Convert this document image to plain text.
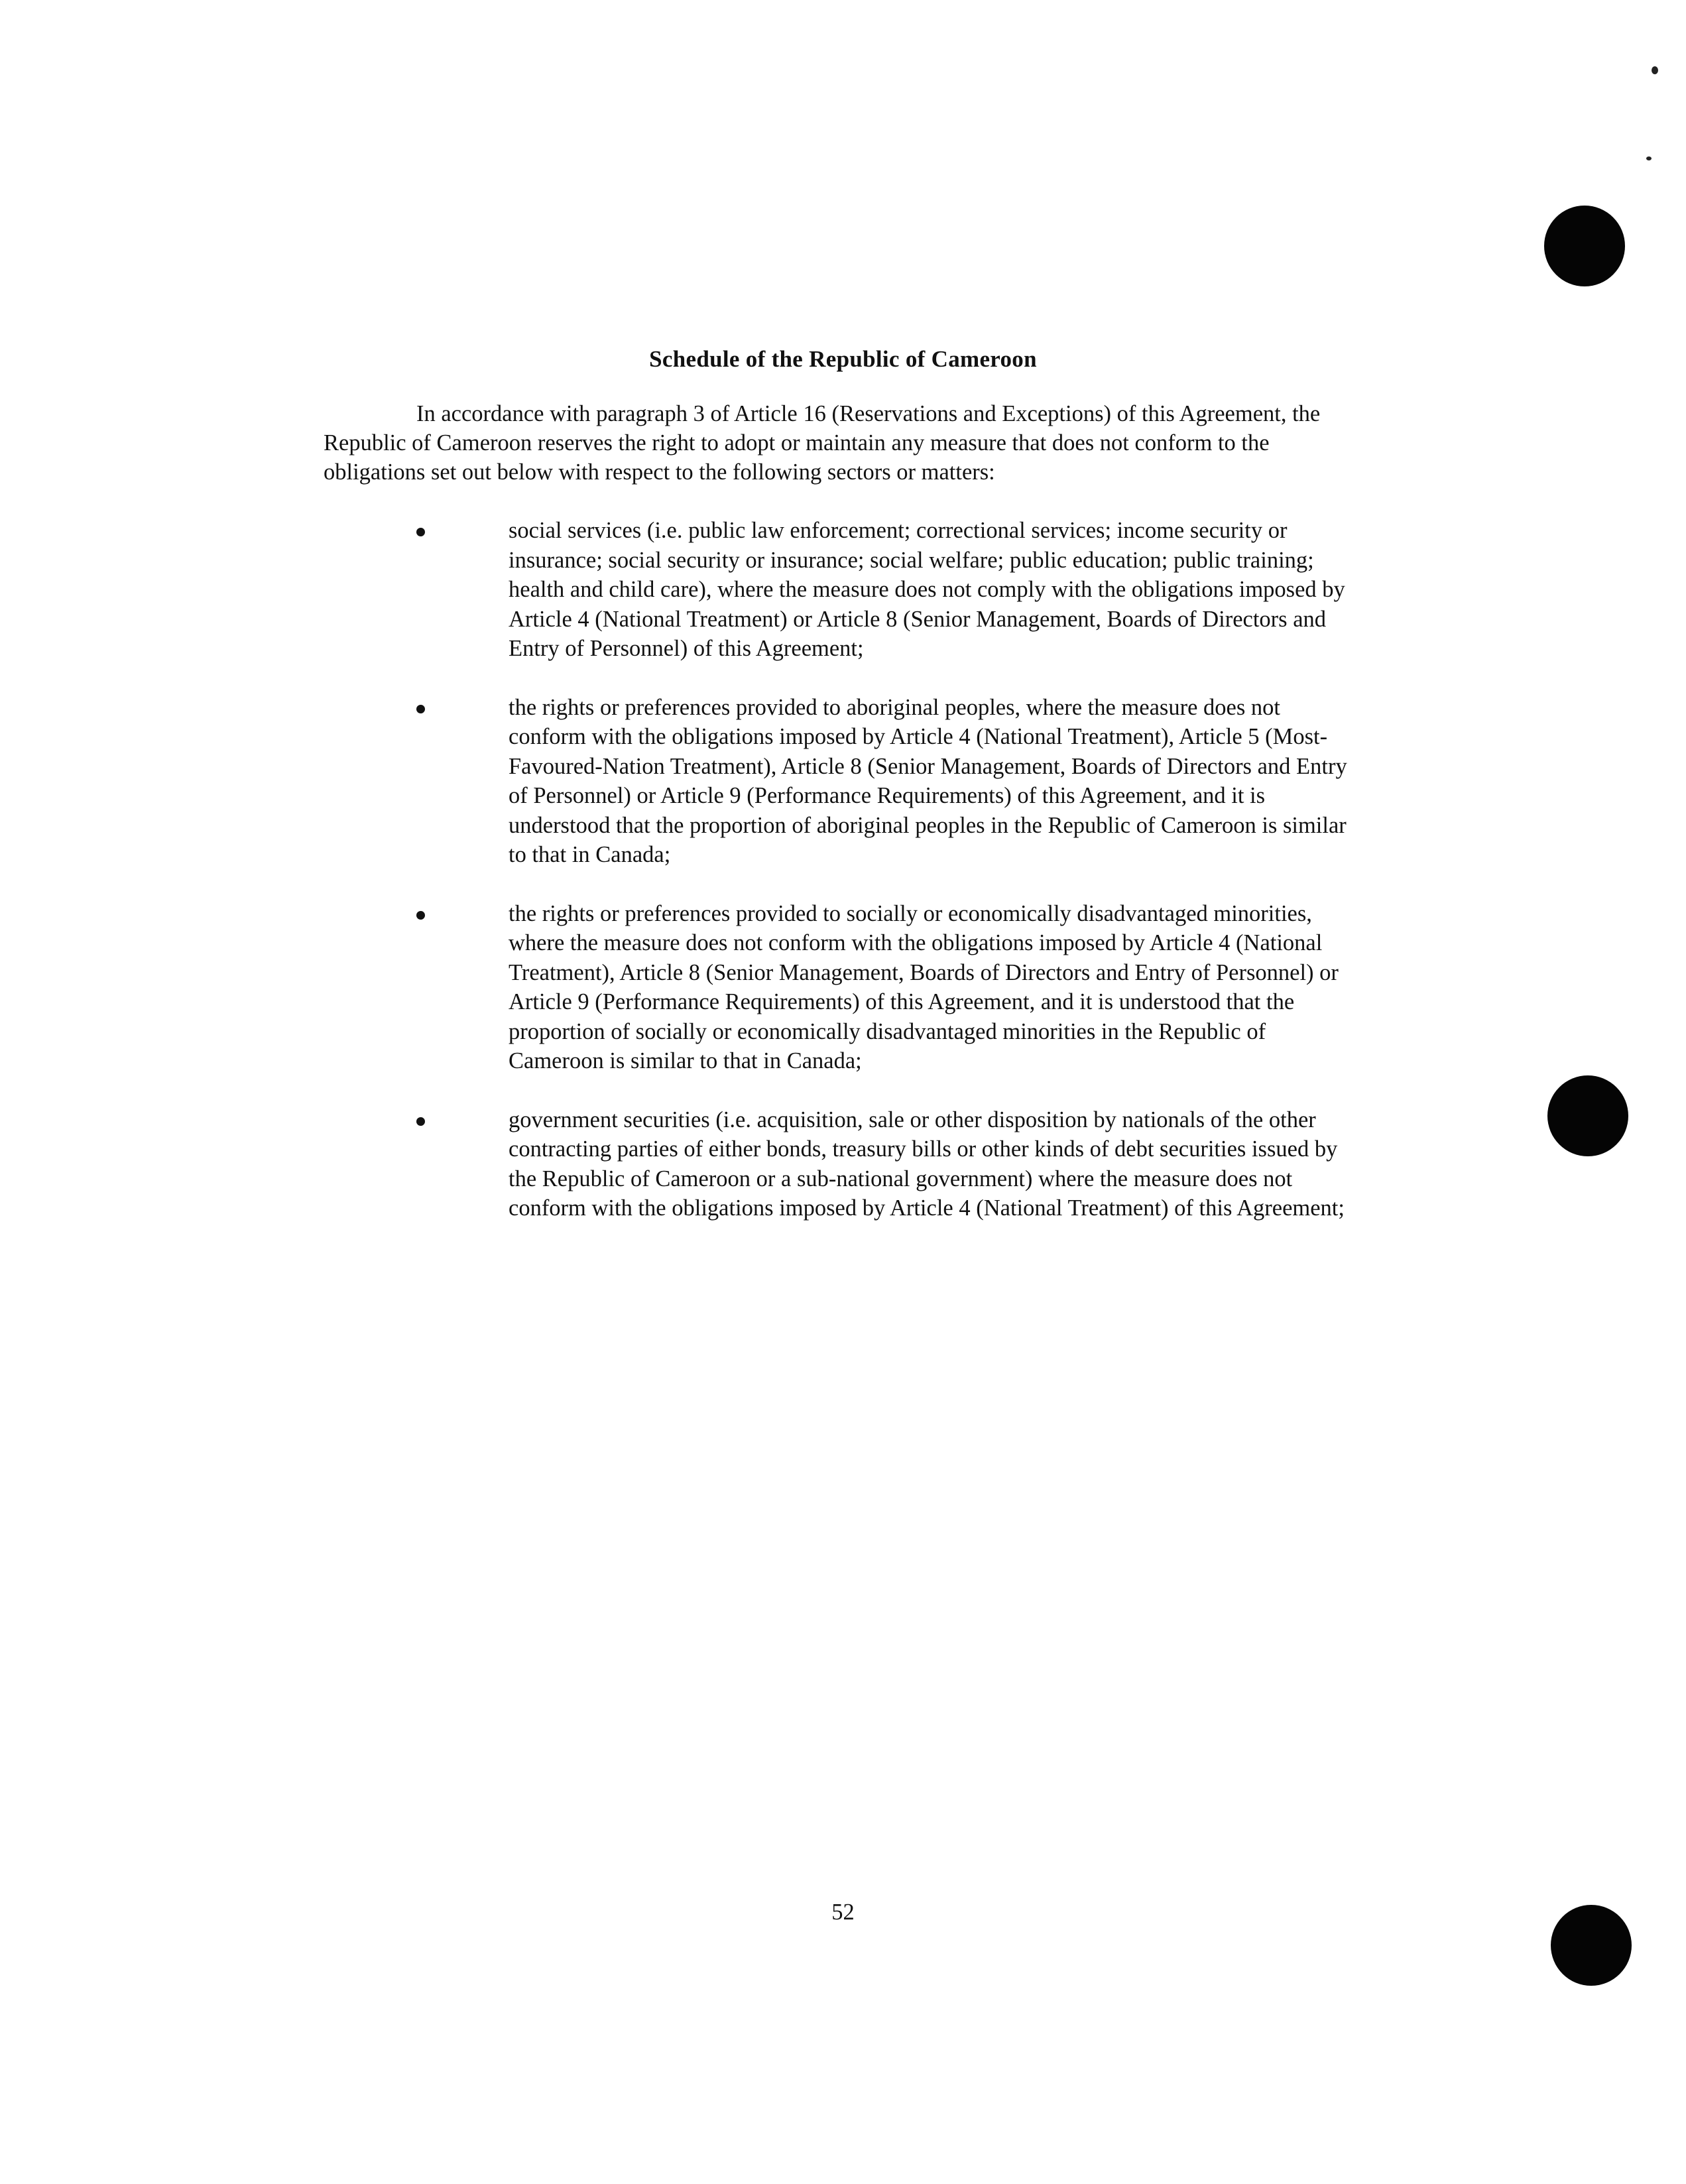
Schedule of the Republic of Cameroon

In accordance with paragraph 3 of Article 16 (Reservations and Exceptions) of this Agreement, the Republic of Cameroon reserves the right to adopt or maintain any measure that does not conform to the obligations set out below with respect to the following sectors or matters:

social services (i.e. public law enforcement; correctional services; income security or insurance; social security or insurance; social welfare; public education; public training; health and child care), where the measure does not comply with the obligations imposed by Article 4 (National Treatment) or Article 8 (Senior Management, Boards of Directors and Entry of Personnel) of this Agreement;
the rights or preferences provided to aboriginal peoples, where the measure does not conform with the obligations imposed by Article 4 (National Treatment), Article 5 (Most-Favoured-Nation Treatment), Article 8 (Senior Management, Boards of Directors and Entry of Personnel) or Article 9 (Performance Requirements) of this Agreement, and it is understood that the proportion of aboriginal peoples in the Republic of Cameroon is similar to that in Canada;
the rights or preferences provided to socially or economically disadvantaged minorities, where the measure does not conform with the obligations imposed by Article 4 (National Treatment), Article 8 (Senior Management, Boards of Directors and Entry of Personnel) or Article 9 (Performance Requirements) of this Agreement, and it is understood that the proportion of socially or economically disadvantaged minorities in the Republic of Cameroon is similar to that in Canada;
government securities (i.e. acquisition, sale or other disposition by nationals of the other contracting parties of either bonds, treasury bills or other kinds of debt securities issued by the Republic of Cameroon or a sub-national government) where the measure does not conform with the obligations imposed by Article 4 (National Treatment) of this Agreement;
52
